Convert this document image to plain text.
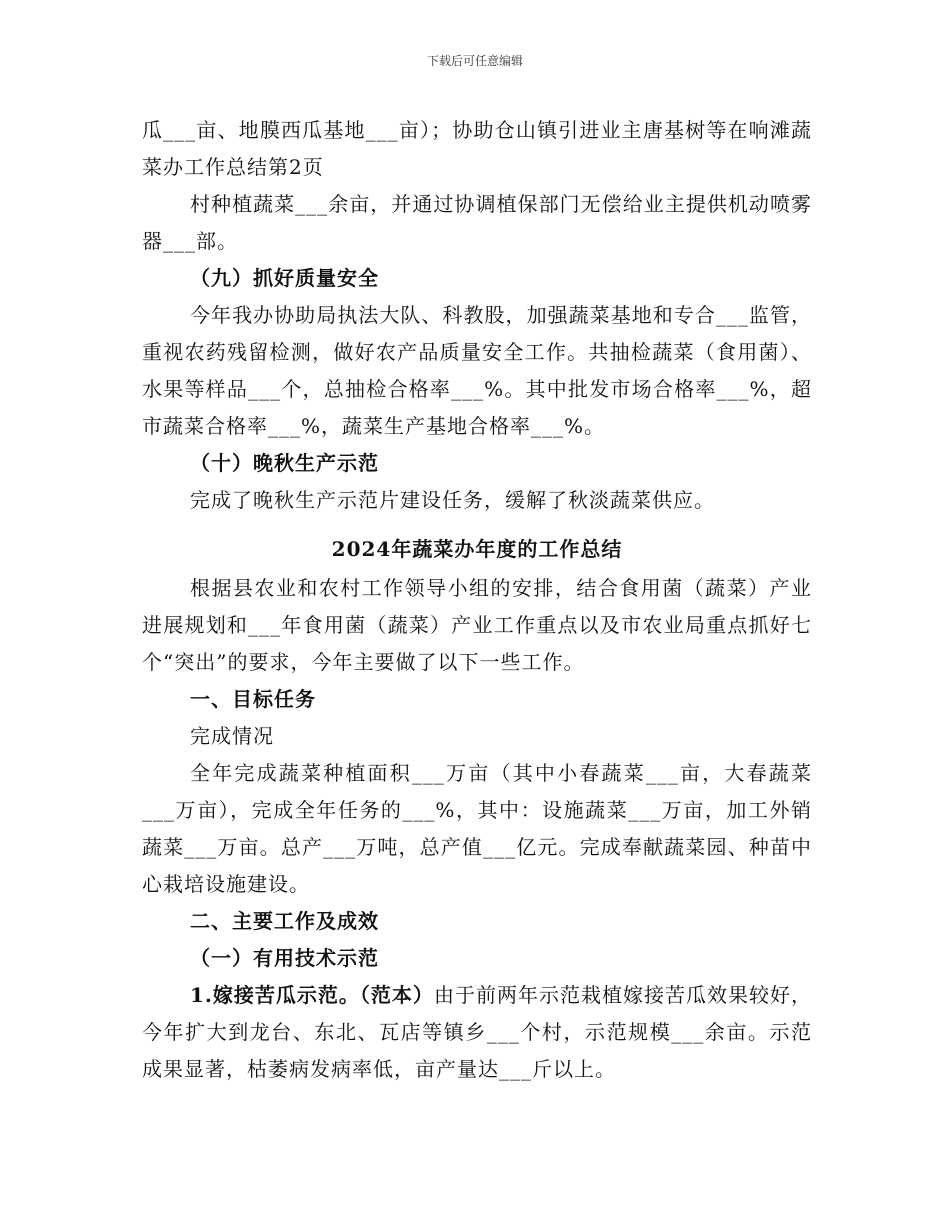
下载后可任意编辑

瓜___亩、地膜西瓜基地___亩）；协助仓山镇引进业主唐基树等在响滩蔬菜办工作总结第2页

村种植蔬菜___余亩，并通过协调植保部门无偿给业主提供机动喷雾器___部。

（九）抓好质量安全

今年我办协助局执法大队、科教股，加强蔬菜基地和专合___监管，重视农药残留检测，做好农产品质量安全工作。共抽检蔬菜（食用菌）、水果等样品___个，总抽检合格率___%。其中批发市场合格率___%，超市蔬菜合格率___%，蔬菜生产基地合格率___%。

（十）晚秋生产示范

完成了晚秋生产示范片建设任务，缓解了秋淡蔬菜供应。

2024年蔬菜办年度的工作总结

根据县农业和农村工作领导小组的安排，结合食用菌（蔬菜）产业进展规划和___年食用菌（蔬菜）产业工作重点以及市农业局重点抓好七个“突出”的要求，今年主要做了以下一些工作。

一、目标任务

完成情况

全年完成蔬菜种植面积___万亩（其中小春蔬菜___亩，大春蔬菜___万亩），完成全年任务的___%，其中：设施蔬菜___万亩，加工外销蔬菜___万亩。总产___万吨，总产值___亿元。完成奉献蔬菜园、种苗中心栽培设施建设。

二、主要工作及成效

（一）有用技术示范

1.嫁接苦瓜示范。（范本）由于前两年示范栽植嫁接苦瓜效果较好，今年扩大到龙台、东北、瓦店等镇乡___个村，示范规模___余亩。示范成果显著，枯萎病发病率低，亩产量达___斤以上。
